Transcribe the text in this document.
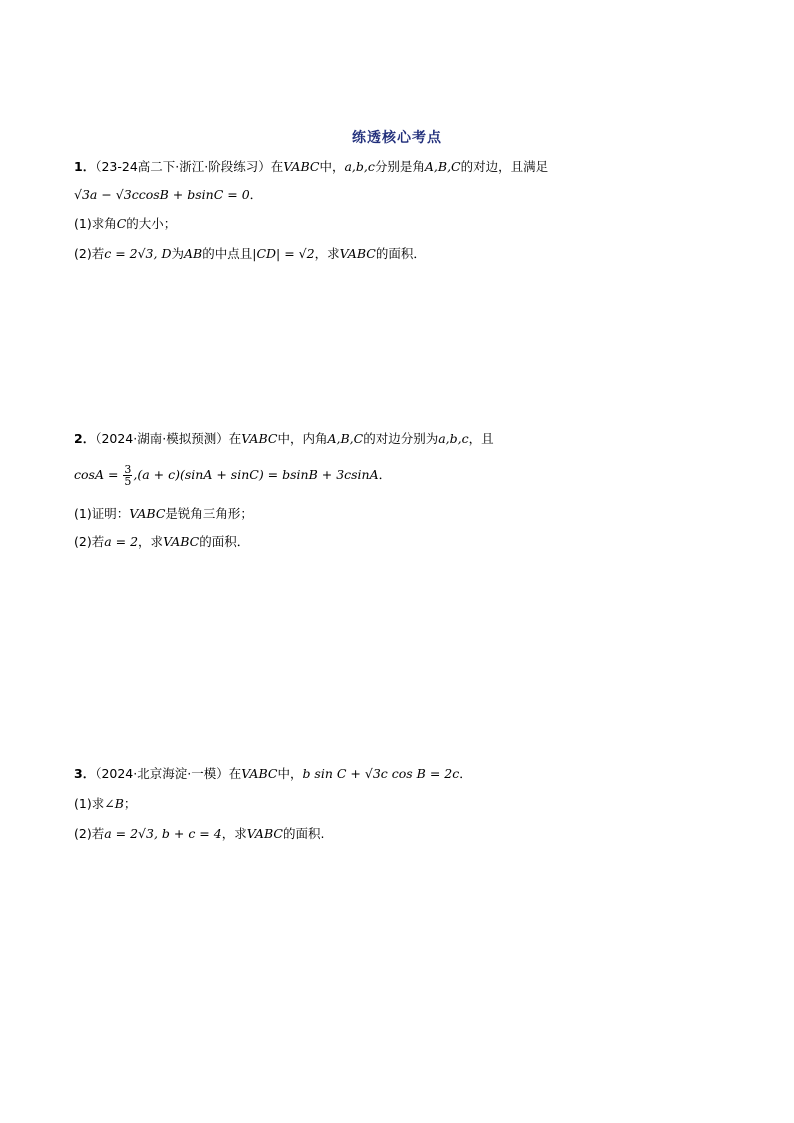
练透核心考点
1．（23-24高二下·浙江·阶段练习）在VABC中，a,b,c分别是角A,B,C的对边，且满足
√3a − √3ccosB + bsinC = 0．
(1)求角C的大小；
(2)若c = 2√3, D为AB的中点且|CD| = √2，求VABC的面积．
2．（2024·湖南·模拟预测）在VABC中，内角A,B,C的对边分别为a,b,c，且
$\cos A = \frac{3}{5} ,(a + c)(\sin A + \sin C) = bsinB + 3csinA$．
(1)证明：VABC是锐角三角形；
(2)若a = 2，求VABC的面积．
3．（2024·北京海淀·一模）在VABC中，b sin C + √3c cos B = 2c．
(1)求∠B；
(2)若a = 2√3, b + c = 4，求VABC的面积.
